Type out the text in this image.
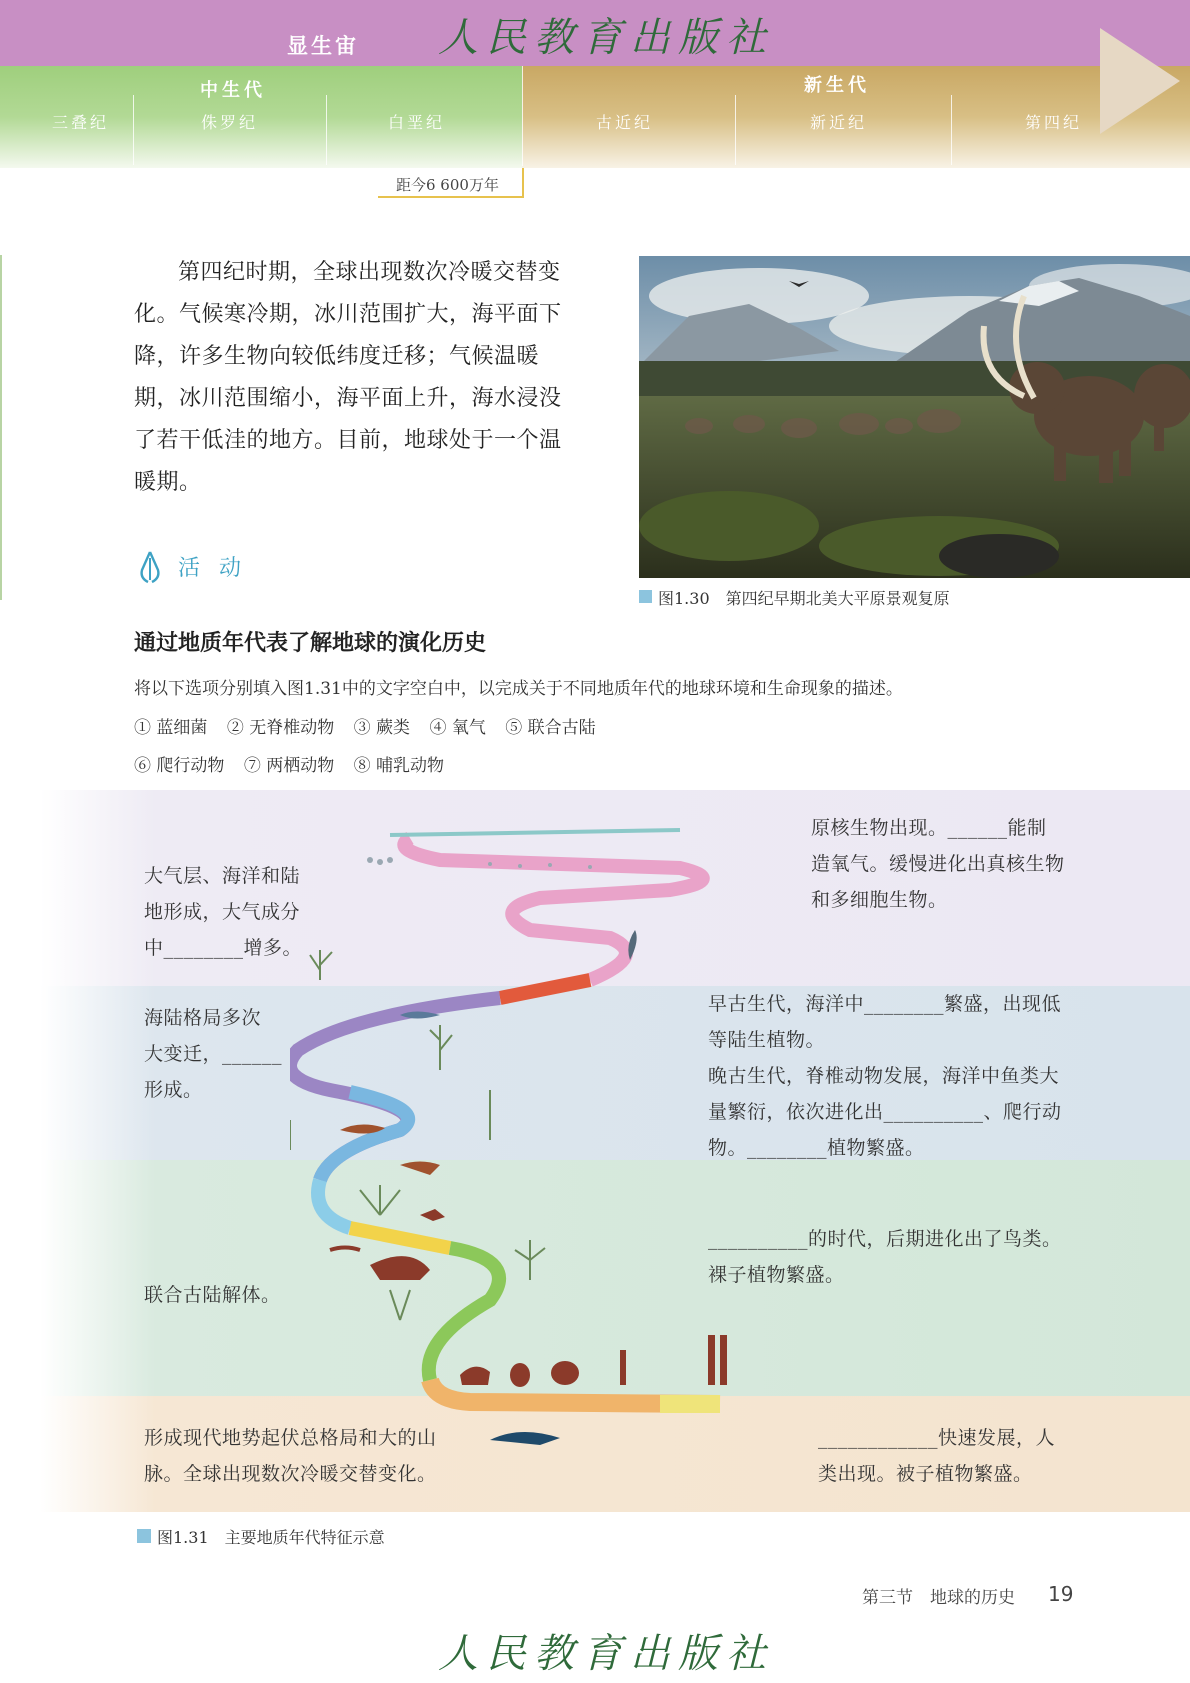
显生宙 人民教育出版社
中生代	新生代
三叠纪	侏罗纪	白垩纪	古近纪	新近纪	第四纪
距今6 600万年

第四纪时期，全球出现数次冷暖交替变化。气候寒冷期，冰川范围扩大，海平面下降，许多生物向较低纬度迁移；气候温暖期，冰川范围缩小，海平面上升，海水浸没了若干低洼的地方。目前，地球处于一个温暖期。

图1.30　第四纪早期北美大平原景观复原
活 动
通过地质年代表了解地球的演化历史
将以下选项分别填入图1.31中的文字空白中，以完成关于不同地质年代的地球环境和生命现象的描述。
① 蓝细菌 ② 无脊椎动物 ③ 蕨类 ④ 氧气 ⑤ 联合古陆
⑥ 爬行动物 ⑦ 两栖动物 ⑧ 哺乳动物

大气层、海洋和陆

地形成，大气成分

中________增多。

原核生物出现。______能制

造氧气。缓慢进化出真核生物

和多细胞生物。

海陆格局多次

大变迁，______

形成。

早古生代，海洋中________繁盛，出现低

等陆生植物。

晚古生代，脊椎动物发展，海洋中鱼类大

量繁衍，依次进化出__________、爬行动

物。________植物繁盛。

联合古陆解体。

__________的时代，后期进化出了鸟类。

裸子植物繁盛。

形成现代地势起伏总格局和大的山

脉。全球出现数次冷暖交替变化。

____________快速发展，人

类出现。被子植物繁盛。

图1.31　主要地质年代特征示意
第三节　地球的历史 19
人民教育出版社
